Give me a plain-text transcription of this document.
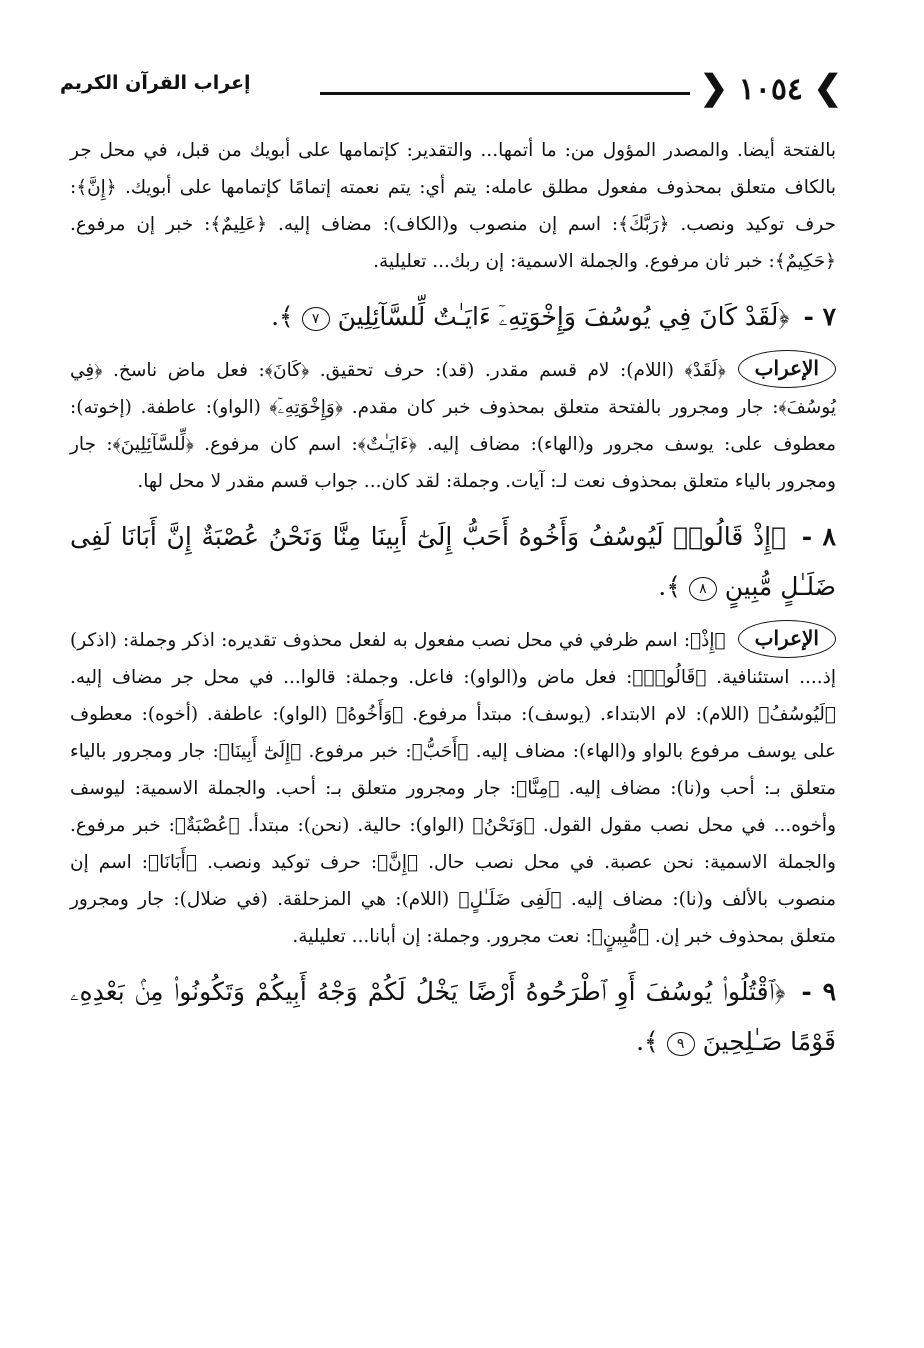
❯ ١٠٥٤ ❮
إعراب القرآن الكريم

بالفتحة أيضا. والمصدر المؤول من: ما أتمها... والتقدير: كإتمامها على أبويك من قبل، في محل جر بالكاف متعلق بمحذوف مفعول مطلق عامله: يتم أي: يتم نعمته إتمامًا كإتمامها على أبويك. ﴿إِنَّ﴾: حرف توكيد ونصب. ﴿رَبَّكَ﴾: اسم إن منصوب و(الكاف): مضاف إليه. ﴿عَلِيمٌ﴾: خبر إن مرفوع. ﴿حَكِيمٌ﴾: خبر ثان مرفوع. والجملة الاسمية: إن ربك... تعليلية.

٧ - ﴿لَقَدْ كَانَ فِي يُوسُفَ وَإِخْوَتِهِۦٓ ءَايَـٰتٌ لِّلسَّآئِلِينَ ٧ ﴾.

الإعراب
﴿لَقَدْ﴾ (اللام): لام قسم مقدر. (قد): حرف تحقيق. ﴿كَانَ﴾: فعل ماض ناسخ. ﴿فِي يُوسُفَ﴾: جار ومجرور بالفتحة متعلق بمحذوف خبر كان مقدم. ﴿وَإِخْوَتِهِۦٓ﴾ (الواو): عاطفة. (إخوته): معطوف على: يوسف مجرور و(الهاء): مضاف إليه. ﴿ءَايَـٰتٌ﴾: اسم كان مرفوع. ﴿لِّلسَّآئِلِينَ﴾: جار ومجرور بالياء متعلق بمحذوف نعت لـ: آيات. وجملة: لقد كان... جواب قسم مقدر لا محل لها.

٨ - ﴿إِذْ قَالُوا۟ لَيُوسُفُ وَأَخُوهُ أَحَبُّ إِلَىٰٓ أَبِينَا مِنَّا وَنَحْنُ عُصْبَةٌ إِنَّ أَبَانَا لَفِى ضَلَـٰلٍ مُّبِينٍ ٨ ﴾.

الإعراب
﴿إِذْ﴾: اسم ظرفي في محل نصب مفعول به لفعل محذوف تقديره: اذكر وجملة: (اذكر) إذ.... استئنافية. ﴿قَالُوا۟﴾: فعل ماض و(الواو): فاعل. وجملة: قالوا... في محل جر مضاف إليه. ﴿لَيُوسُفُ﴾ (اللام): لام الابتداء. (يوسف): مبتدأ مرفوع. ﴿وَأَخُوهُ﴾ (الواو): عاطفة. (أخوه): معطوف على يوسف مرفوع بالواو و(الهاء): مضاف إليه. ﴿أَحَبُّ﴾: خبر مرفوع. ﴿إِلَىٰٓ أَبِينَا﴾: جار ومجرور بالياء متعلق بـ: أحب و(نا): مضاف إليه. ﴿مِنَّا﴾: جار ومجرور متعلق بـ: أحب. والجملة الاسمية: ليوسف وأخوه... في محل نصب مقول القول. ﴿وَنَحْنُ﴾ (الواو): حالية. (نحن): مبتدأ. ﴿عُصْبَةٌ﴾: خبر مرفوع. والجملة الاسمية: نحن عصبة. في محل نصب حال. ﴿إِنَّ﴾: حرف توكيد ونصب. ﴿أَبَانَا﴾: اسم إن منصوب بالألف و(نا): مضاف إليه. ﴿لَفِى ضَلَـٰلٍ﴾ (اللام): هي المزحلقة. (في ضلال): جار ومجرور متعلق بمحذوف خبر إن. ﴿مُّبِينٍ﴾: نعت مجرور. وجملة: إن أبانا... تعليلية.

٩ - ﴿ٱقْتُلُوا۟ يُوسُفَ أَوِ ٱطْرَحُوهُ أَرْضًا يَخْلُ لَكُمْ وَجْهُ أَبِيكُمْ وَتَكُونُوا۟ مِنۢ بَعْدِهِۦ قَوْمًا صَـٰلِحِينَ ٩ ﴾.
